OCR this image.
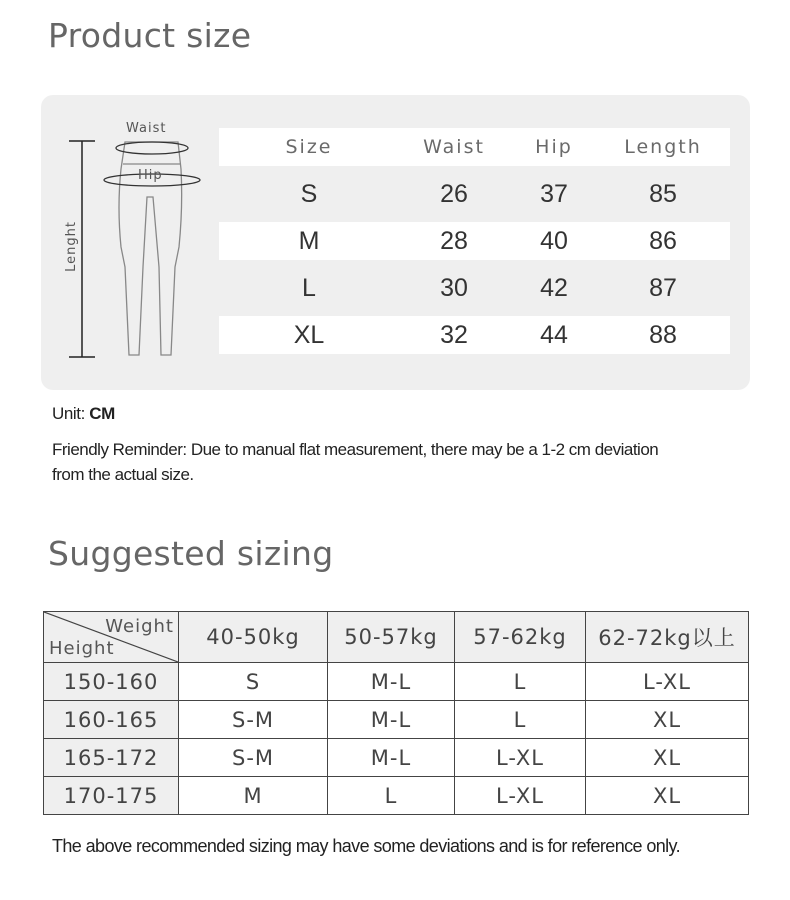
Product size
Waist
Hip
Lenght
Size	Waist	Hip	Length
S	26	37	85
M	28	40	86
L	30	42	87
XL	32	44	88
Unit: CM

Friendly Reminder: Due to manual flat measurement, there may be a 1-2 cm deviation from the actual size.

Suggested sizing
Weight
Height	40-50kg	50-57kg	57-62kg	62-72kg以上
150-160	S	M-L	L	L-XL
160-165	S-M	M-L	L	XL
165-172	S-M	M-L	L-XL	XL
170-175	M	L	L-XL	XL

The above recommended sizing may have some deviations and is for reference only.
